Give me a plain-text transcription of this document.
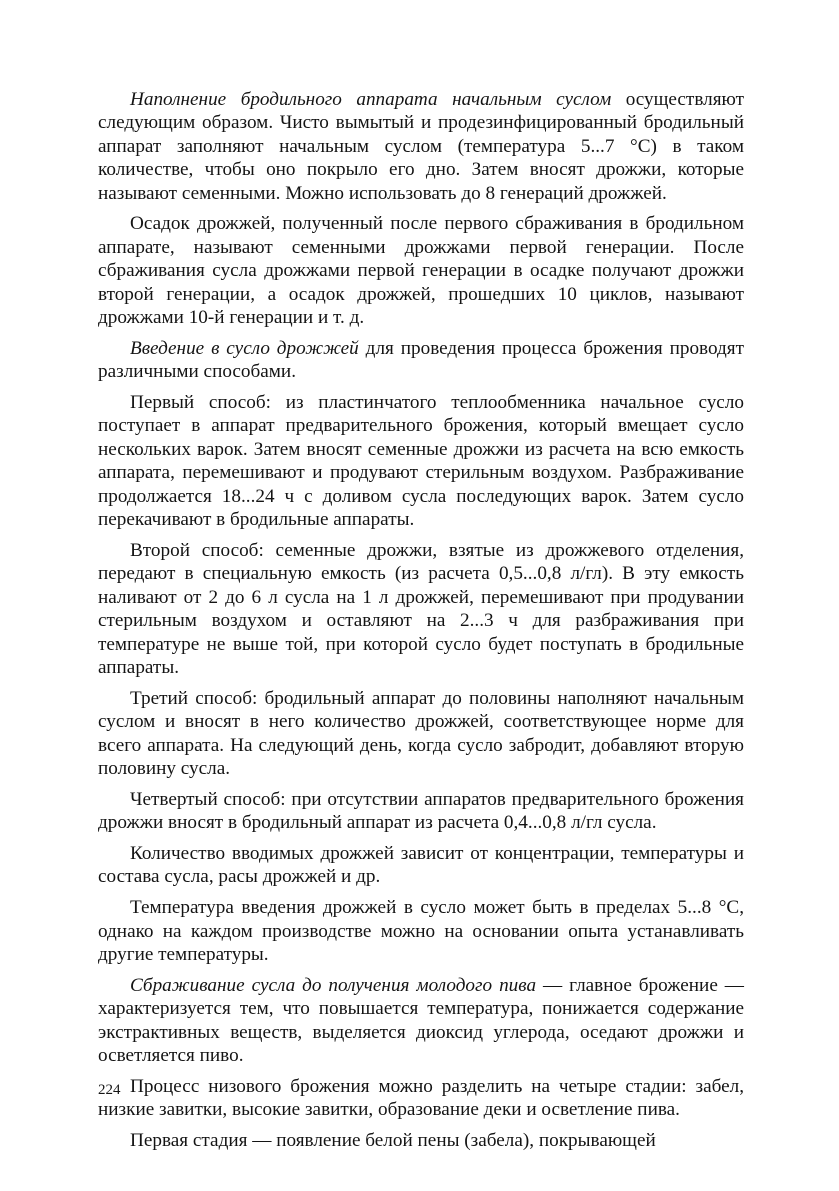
Наполнение бродильного аппарата начальным суслом осуществляют следующим образом. Чисто вымытый и продезинфицированный бродильный аппарат заполняют начальным суслом (температура 5...7 °С) в таком количестве, чтобы оно покрыло его дно. Затем вносят дрожжи, которые называют семенными. Можно использовать до 8 генераций дрожжей.

Осадок дрожжей, полученный после первого сбраживания в бродильном аппарате, называют семенными дрожжами первой генерации. После сбраживания сусла дрожжами первой генерации в осадке получают дрожжи второй генерации, а осадок дрожжей, прошедших 10 циклов, называют дрожжами 10-й генерации и т. д.

Введение в сусло дрожжей для проведения процесса брожения проводят различными способами.

Первый способ: из пластинчатого теплообменника начальное сусло поступает в аппарат предварительного брожения, который вмещает сусло нескольких варок. Затем вносят семенные дрожжи из расчета на всю емкость аппарата, перемешивают и продувают стерильным воздухом. Разбраживание продолжается 18...24 ч с доливом сусла последующих варок. Затем сусло перекачивают в бродильные аппараты.

Второй способ: семенные дрожжи, взятые из дрожжевого отделения, передают в специальную емкость (из расчета 0,5...0,8 л/гл). В эту емкость наливают от 2 до 6 л сусла на 1 л дрожжей, перемешивают при продувании стерильным воздухом и оставляют на 2...3 ч для разбраживания при температуре не выше той, при которой сусло будет поступать в бродильные аппараты.

Третий способ: бродильный аппарат до половины наполняют начальным суслом и вносят в него количество дрожжей, соответствующее норме для всего аппарата. На следующий день, когда сусло забродит, добавляют вторую половину сусла.

Четвертый способ: при отсутствии аппаратов предварительного брожения дрожжи вносят в бродильный аппарат из расчета 0,4...0,8 л/гл сусла.

Количество вводимых дрожжей зависит от концентрации, температуры и состава сусла, расы дрожжей и др.

Температура введения дрожжей в сусло может быть в пределах 5...8 °С, однако на каждом производстве можно на основании опыта устанавливать другие температуры.

Сбраживание сусла до получения молодого пива — главное брожение — характеризуется тем, что повышается температура, понижается содержание экстрактивных веществ, выделяется диоксид углерода, оседают дрожжи и осветляется пиво.

Процесс низового брожения можно разделить на четыре стадии: забел, низкие завитки, высокие завитки, образование деки и осветление пива.

Первая стадия — появление белой пены (забела), покрывающей

224
